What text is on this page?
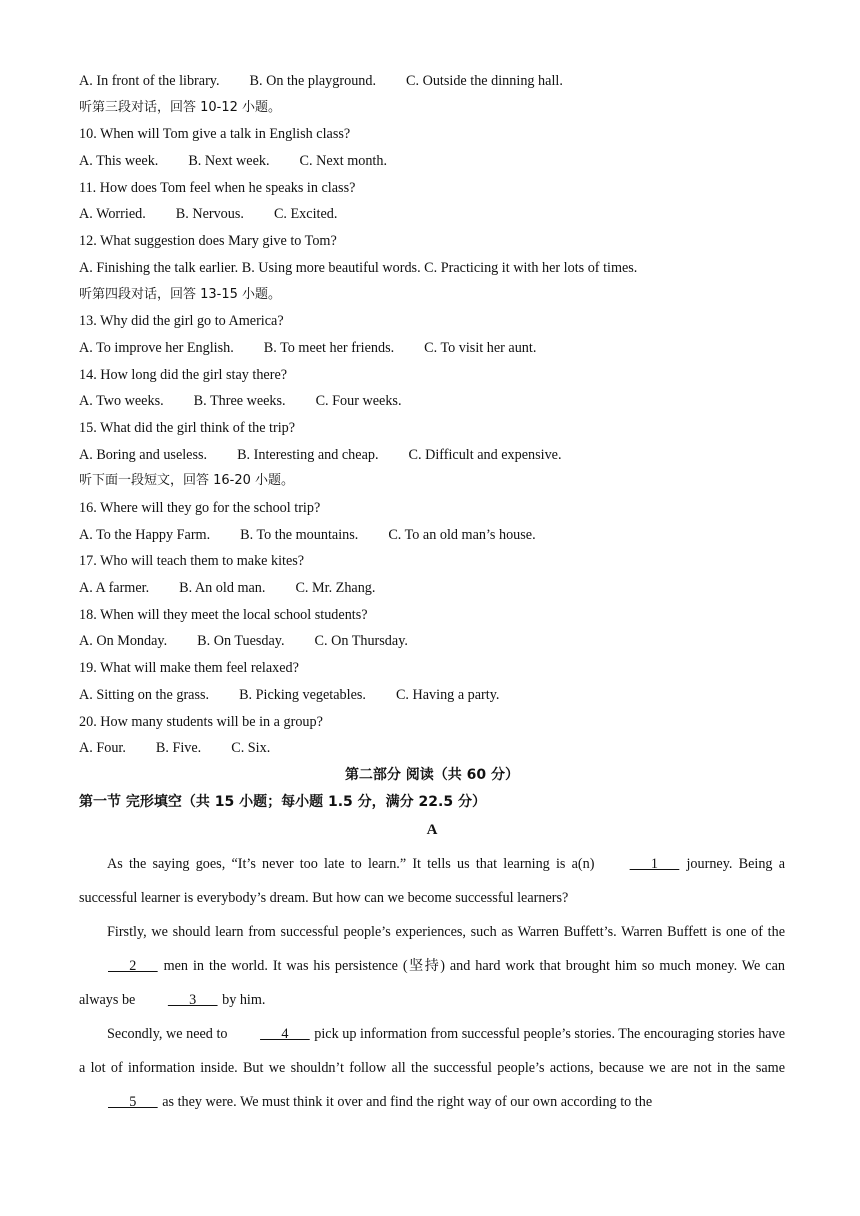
A. In front of the library. B. On the playground. C. Outside the dinning hall.
听第三段对话，回答 10-12 小题。
10. When will Tom give a talk in English class?
A. This week. B. Next week. C. Next month.
11. How does Tom feel when he speaks in class?
A. Worried. B. Nervous. C. Excited.
12. What suggestion does Mary give to Tom?
A. Finishing the talk earlier. B. Using more beautiful words. C. Practicing it with her lots of times.
听第四段对话，回答 13-15 小题。
13. Why did the girl go to America?
A. To improve her English. B. To meet her friends. C. To visit her aunt.
14. How long did the girl stay there?
A. Two weeks. B. Three weeks. C. Four weeks.
15. What did the girl think of the trip?
A. Boring and useless. B. Interesting and cheap. C. Difficult and expensive.
听下面一段短文，回答 16-20 小题。
16. Where will they go for the school trip?
A. To the Happy Farm. B. To the mountains. C. To an old man’s house.
17. Who will teach them to make kites?
A. A farmer. B. An old man. C. Mr. Zhang.
18. When will they meet the local school students?
A. On Monday. B. On Tuesday. C. On Thursday.
19. What will make them feel relaxed?
A. Sitting on the grass. B. Picking vegetables. C. Having a party.
20. How many students will be in a group?
A. Four. B. Five. C. Six.
第二部分 阅读（共 60 分）
第一节 完形填空（共 15 小题；每小题 1.5 分，满分 22.5 分）
A

As the saying goes, “It’s never too late to learn.” It tells us that learning is a(n)    1    journey. Being a successful learner is everybody’s dream. But how can we become successful learners?

Firstly, we should learn from successful people’s experiences, such as Warren Buffett’s. Warren Buffett is one of the    2    men in the world. It was his persistence (坚持) and hard work that brought him so much money. We can always be    3    by him.

Secondly, we need to    4    pick up information from successful people’s stories. The encouraging stories have a lot of information inside. But we shouldn’t follow all the successful people’s actions, because we are not in the same    5    as they were. We must think it over and find the right way of our own according to the
